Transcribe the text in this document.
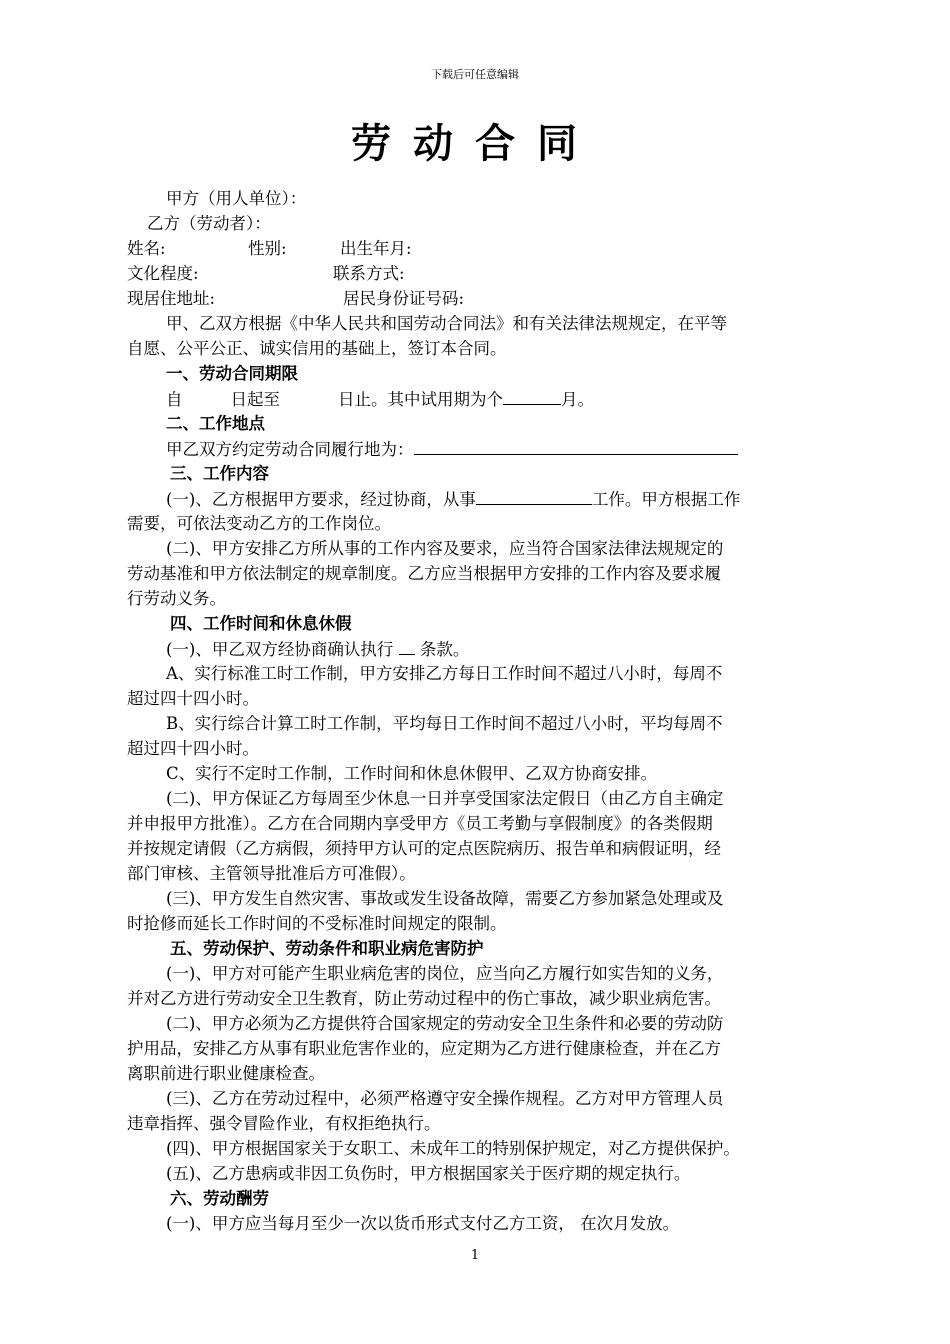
下载后可任意编辑
劳动合同
甲方（用人单位）：
乙方（劳动者）：
姓名:	性别:	出生年月:
文化程度:	联系方式:
现居住地址:	居民身份证号码:
甲、乙双方根据《中华人民共和国劳动合同法》和有关法律法规规定，在平等
自愿、公平公正、诚实信用的基础上，签订本合同。
一、劳动合同期限
自	日起至	日止。其中试用期为个	月。
二、工作地点
甲乙双方约定劳动合同履行地为：
三、工作内容
(一)、乙方根据甲方要求，经过协商，从事	工作。甲方根据工作
需要，可依法变动乙方的工作岗位。
(二)、甲方安排乙方所从事的工作内容及要求，应当符合国家法律法规规定的
劳动基准和甲方依法制定的规章制度。乙方应当根据甲方安排的工作内容及要求履
行劳动义务。
四、工作时间和休息休假
(一)、甲乙双方经协商确认执行 条款。
A、实行标准工时工作制，甲方安排乙方每日工作时间不超过八小时，每周不
超过四十四小时。
B、实行综合计算工时工作制，平均每日工作时间不超过八小时，平均每周不
超过四十四小时。
C、实行不定时工作制，工作时间和休息休假甲、乙双方协商安排。
(二)、甲方保证乙方每周至少休息一日并享受国家法定假日（由乙方自主确定
并申报甲方批准）。乙方在合同期内享受甲方《员工考勤与享假制度》的各类假期
并按规定请假（乙方病假，须持甲方认可的定点医院病历、报告单和病假证明，经
部门审核、主管领导批准后方可准假）。
(三)、甲方发生自然灾害、事故或发生设备故障，需要乙方参加紧急处理或及
时抢修而延长工作时间的不受标准时间规定的限制。
五、劳动保护、劳动条件和职业病危害防护
(一)、甲方对可能产生职业病危害的岗位，应当向乙方履行如实告知的义务，
并对乙方进行劳动安全卫生教育，防止劳动过程中的伤亡事故，减少职业病危害。
(二)、甲方必须为乙方提供符合国家规定的劳动安全卫生条件和必要的劳动防
护用品，安排乙方从事有职业危害作业的，应定期为乙方进行健康检查，并在乙方
离职前进行职业健康检查。
(三)、乙方在劳动过程中，必须严格遵守安全操作规程。乙方对甲方管理人员
违章指挥、强令冒险作业，有权拒绝执行。
(四)、甲方根据国家关于女职工、未成年工的特别保护规定，对乙方提供保护。
(五)、乙方患病或非因工负伤时，甲方根据国家关于医疗期的规定执行。
六、劳动酬劳
(一)、甲方应当每月至少一次以货币形式支付乙方工资， 在次月发放。
1
